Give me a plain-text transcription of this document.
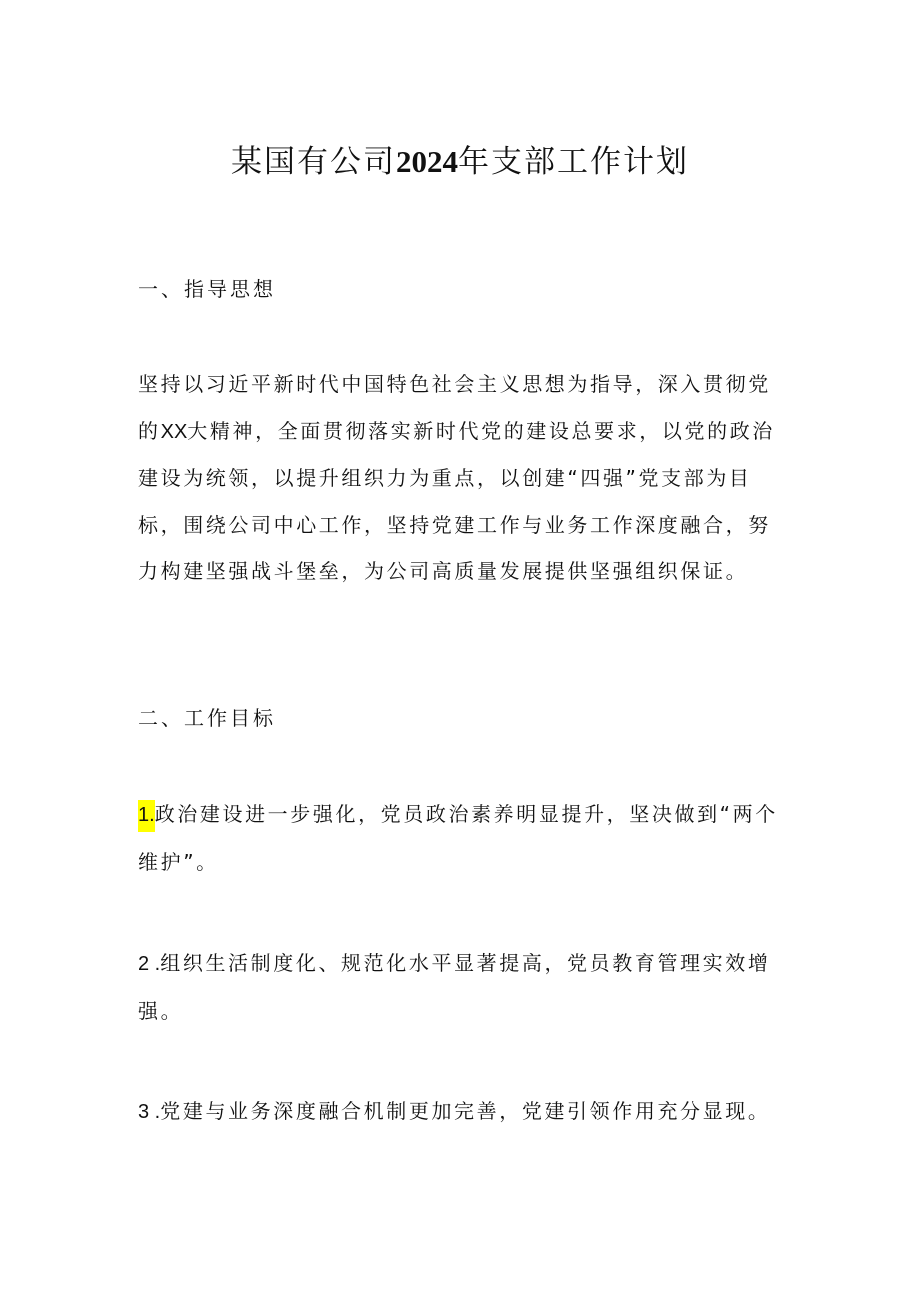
某国有公司2024年支部工作计划
一、指导思想

坚持以习近平新时代中国特色社会主义思想为指导，深入贯彻党的XX大精神，全面贯彻落实新时代党的建设总要求，以党的政治建设为统领，以提升组织力为重点，以创建“四强”党支部为目标，围绕公司中心工作，坚持党建工作与业务工作深度融合，努力构建坚强战斗堡垒，为公司高质量发展提供坚强组织保证。

二、工作目标

1.政治建设进一步强化，党员政治素养明显提升，坚决做到“两个维护”。

2 .组织生活制度化、规范化水平显著提高，党员教育管理实效增强。

3 .党建与业务深度融合机制更加完善，党建引领作用充分显现。
